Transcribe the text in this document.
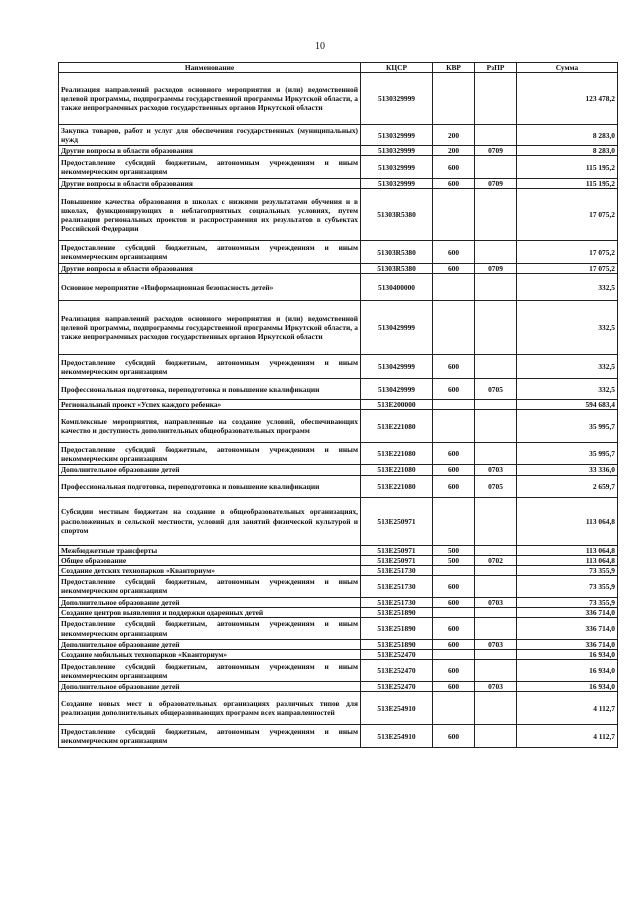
10
Наименование	КЦСР	КВР	РзПР	Сумма
Реализация направлений расходов основного мероприятия и (или) ведомственной целевой программы, подпрограммы государственной программы Иркутской области, а также непрограммных расходов государственных органов Иркутской области	5130329999			123 478,2
Закупка товаров, работ и услуг для обеспечения государственных (муниципальных) нужд	5130329999	200		8 283,0
Другие вопросы в области образования	5130329999	200	0709	8 283,0
Предоставление субсидий бюджетным, автономным учреждениям и иным некоммерческим организациям	5130329999	600		115 195,2
Другие вопросы в области образования	5130329999	600	0709	115 195,2
Повышение качества образования в школах с низкими результатами обучения и в школах, функционирующих в неблагоприятных социальных условиях, путем реализации региональных проектов и распространения их результатов в субъектах Российской Федерации	51303R5380			17 075,2
Предоставление субсидий бюджетным, автономным учреждениям и иным некоммерческим организациям	51303R5380	600		17 075,2
Другие вопросы в области образования	51303R5380	600	0709	17 075,2
Основное мероприятие «Информационная безопасность детей»	5130400000			332,5
Реализация направлений расходов основного мероприятия и (или) ведомственной целевой программы, подпрограммы государственной программы Иркутской области, а также непрограммных расходов государственных органов Иркутской области	5130429999			332,5
Предоставление субсидий бюджетным, автономным учреждениям и иным некоммерческим организациям	5130429999	600		332,5
Профессиональная подготовка, переподготовка и повышение квалификации	5130429999	600	0705	332,5
Региональный проект «Успех каждого ребенка»	513E200000			594 683,4
Комплексные мероприятия, направленные на создание условий, обеспечивающих качество и доступность дополнительных общеобразовательных программ	513E221080			35 995,7
Предоставление субсидий бюджетным, автономным учреждениям и иным некоммерческим организациям	513E221080	600		35 995,7
Дополнительное образование детей	513E221080	600	0703	33 336,0
Профессиональная подготовка, переподготовка и повышение квалификации	513E221080	600	0705	2 659,7
Субсидии местным бюджетам на создание в общеобразовательных организациях, расположенных в сельской местности, условий для занятий физической культурой и спортом	513E250971			113 064,8
Межбюджетные трансферты	513E250971	500		113 064,8
Общее образование	513E250971	500	0702	113 064,8
Создание детских технопарков «Кванториум»	513E251730			73 355,9
Предоставление субсидий бюджетным, автономным учреждениям и иным некоммерческим организациям	513E251730	600		73 355,9
Дополнительное образование детей	513E251730	600	0703	73 355,9
Создание центров выявления и поддержки одаренных детей	513E251890			336 714,0
Предоставление субсидий бюджетным, автономным учреждениям и иным некоммерческим организациям	513E251890	600		336 714,0
Дополнительное образование детей	513E251890	600	0703	336 714,0
Создание мобильных технопарков «Кванториум»	513E252470			16 934,0
Предоставление субсидий бюджетным, автономным учреждениям и иным некоммерческим организациям	513E252470	600		16 934,0
Дополнительное образование детей	513E252470	600	0703	16 934,0
Создание новых мест в образовательных организациях различных типов для реализации дополнительных общеразвивающих программ всех направленностей	513E254910			4 112,7
Предоставление субсидий бюджетным, автономным учреждениям и иным некоммерческим организациям	513E254910	600		4 112,7
